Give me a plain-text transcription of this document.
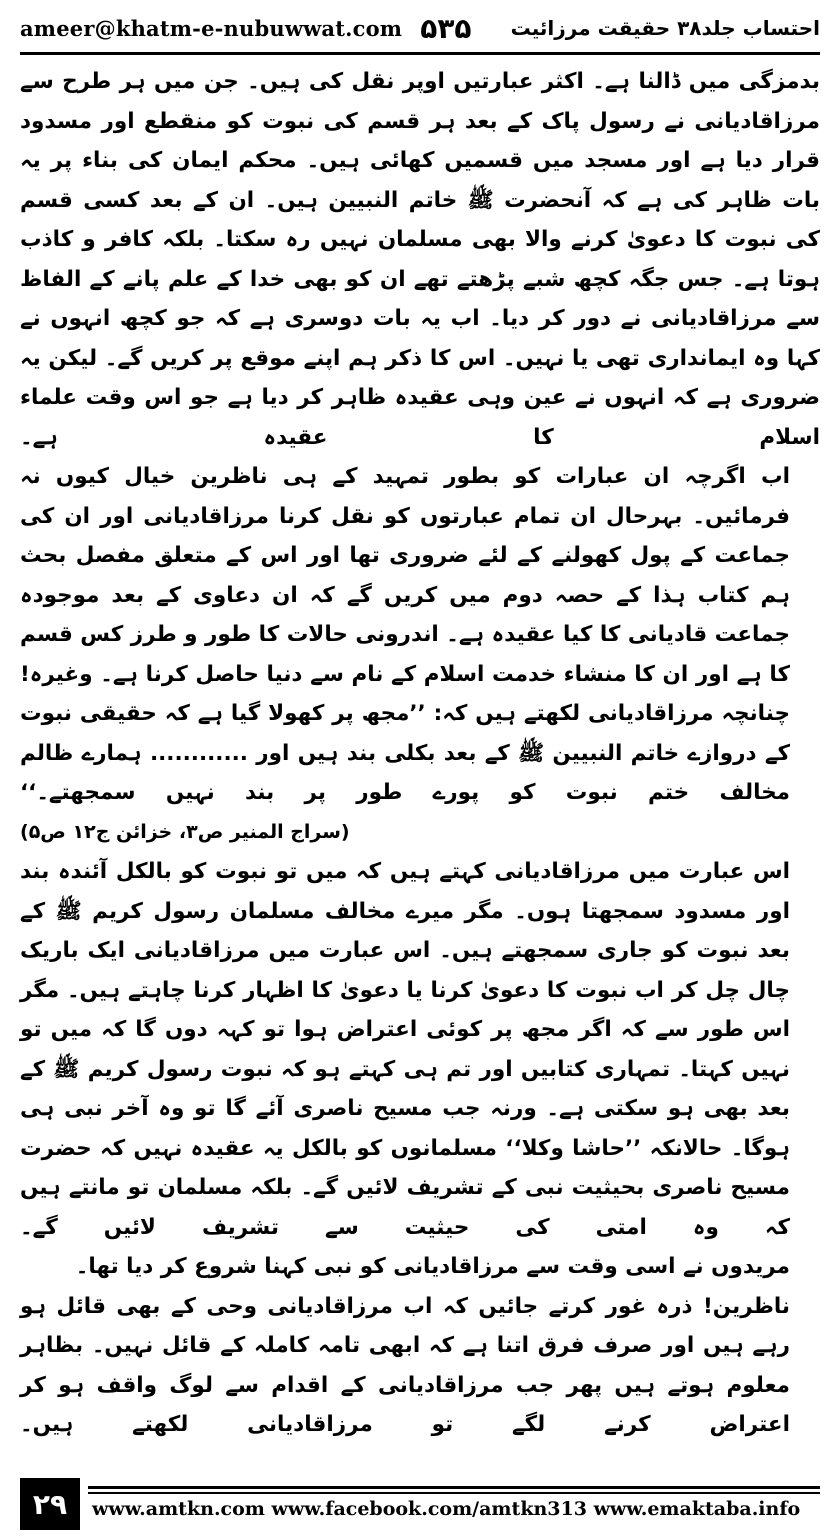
ameer@khatm-e-nubuwwat.com ۵۳۵ احتساب جلد۳۸ حقیقت مرزائیت

بدمزگی میں ڈالنا ہے۔ اکثر عبارتیں اوپر نقل کی ہیں۔ جن میں ہر طرح سے مرزاقادیانی نے رسول پاک کے بعد ہر قسم کی نبوت کو منقطع اور مسدود قرار دیا ہے اور مسجد میں قسمیں کھائی ہیں۔ محکم ایمان کی بناء پر یہ بات ظاہر کی ہے کہ آنحضرت ﷺ خاتم النبیین ہیں۔ ان کے بعد کسی قسم کی نبوت کا دعویٰ کرنے والا بھی مسلمان نہیں رہ سکتا۔ بلکہ کافر و کاذب ہوتا ہے۔ جس جگہ کچھ شبے پڑھتے تھے ان کو بھی خدا کے علم پانے کے الفاظ سے مرزاقادیانی نے دور کر دیا۔ اب یہ بات دوسری ہے کہ جو کچھ انہوں نے کہا وہ ایمانداری تھی یا نہیں۔ اس کا ذکر ہم اپنے موقع پر کریں گے۔ لیکن یہ ضروری ہے کہ انہوں نے عین وہی عقیدہ ظاہر کر دیا ہے جو اس وقت علماء اسلام کا عقیدہ ہے۔

اب اگرچہ ان عبارات کو بطور تمہید کے ہی ناظرین خیال کیوں نہ فرمائیں۔ بہرحال ان تمام عبارتوں کو نقل کرنا مرزاقادیانی اور ان کی جماعت کے پول کھولنے کے لئے ضروری تھا اور اس کے متعلق مفصل بحث ہم کتاب ہذا کے حصہ دوم میں کریں گے کہ ان دعاوی کے بعد موجودہ جماعت قادیانی کا کیا عقیدہ ہے۔ اندرونی حالات کا طور و طرز کس قسم کا ہے اور ان کا منشاء خدمت اسلام کے نام سے دنیا حاصل کرنا ہے۔ وغیرہ!

چنانچہ مرزاقادیانی لکھتے ہیں کہ: ’’مجھ پر کھولا گیا ہے کہ حقیقی نبوت کے دروازے خاتم النبیین ﷺ کے بعد بکلی بند ہیں اور ............ ہمارے ظالم مخالف ختم نبوت کو پورے طور پر بند نہیں سمجھتے۔‘‘

(سراج المنیر ص۳، خزائن ج۱۲ ص۵)

اس عبارت میں مرزاقادیانی کہتے ہیں کہ میں تو نبوت کو بالکل آئندہ بند اور مسدود سمجھتا ہوں۔ مگر میرے مخالف مسلمان رسول کریم ﷺ کے بعد نبوت کو جاری سمجھتے ہیں۔ اس عبارت میں مرزاقادیانی ایک باریک چال چل کر اب نبوت کا دعویٰ کرنا یا دعویٰ کا اظہار کرنا چاہتے ہیں۔ مگر اس طور سے کہ اگر مجھ پر کوئی اعتراض ہوا تو کہہ دوں گا کہ میں تو نہیں کہتا۔ تمہاری کتابیں اور تم ہی کہتے ہو کہ نبوت رسول کریم ﷺ کے بعد بھی ہو سکتی ہے۔ ورنہ جب مسیح ناصری آئے گا تو وہ آخر نبی ہی ہوگا۔ حالانکہ ’’حاشا وکلا‘‘ مسلمانوں کو بالکل یہ عقیدہ نہیں کہ حضرت مسیح ناصری بحیثیت نبی کے تشریف لائیں گے۔ بلکہ مسلمان تو مانتے ہیں کہ وہ امتی کی حیثیت سے تشریف لائیں گے۔

مریدوں نے اسی وقت سے مرزاقادیانی کو نبی کہنا شروع کر دیا تھا۔

ناظرین! ذرہ غور کرتے جائیں کہ اب مرزاقادیانی وحی کے بھی قائل ہو رہے ہیں اور صرف فرق اتنا ہے کہ ابھی تامہ کاملہ کے قائل نہیں۔ بظاہر معلوم ہوتے ہیں پھر جب مرزاقادیانی کے اقدام سے لوگ واقف ہو کر اعتراض کرنے لگے تو مرزاقادیانی لکھتے ہیں۔

۲۹	www.amtkn.com www.facebook.com/amtkn313 www.emaktaba.info
